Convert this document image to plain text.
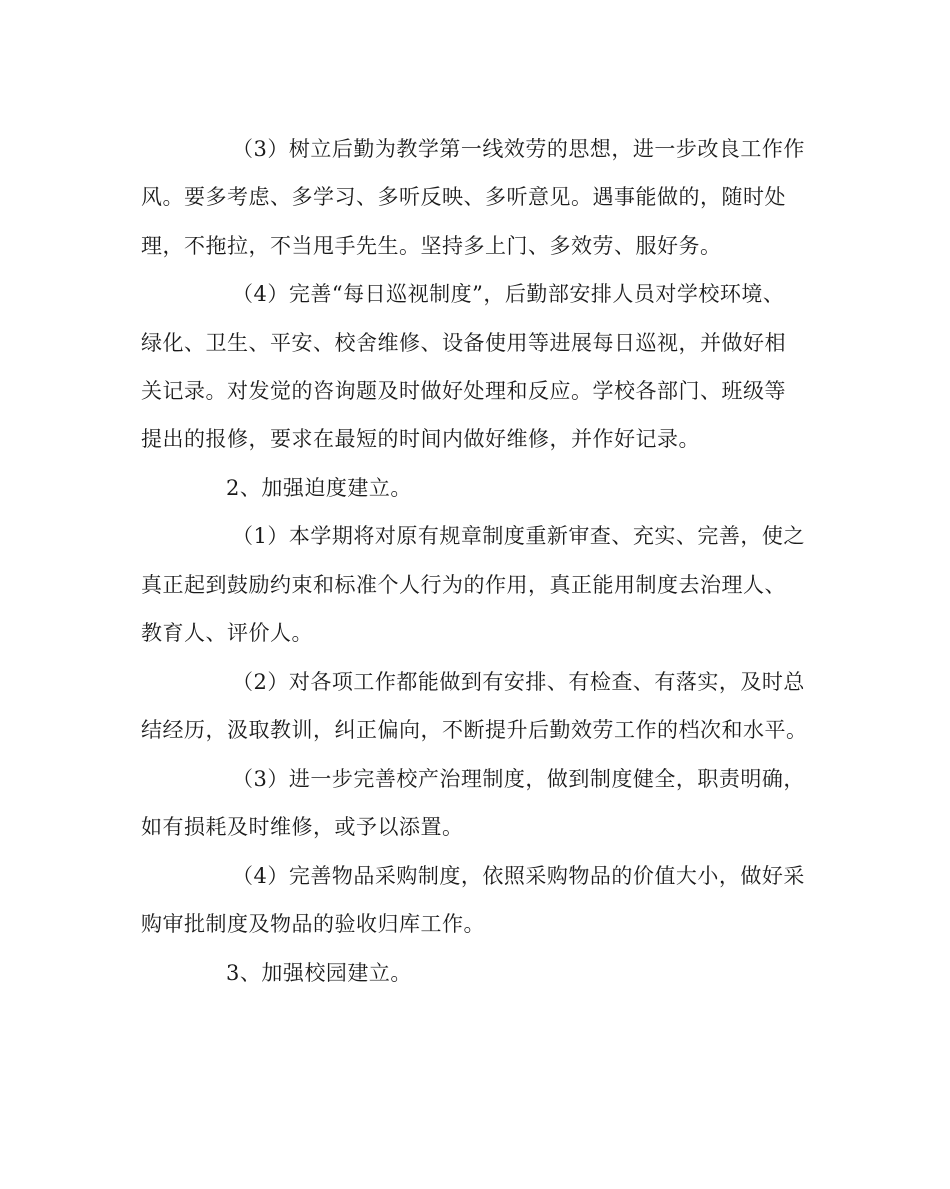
（3）树立后勤为教学第一线效劳的思想，进一步改良工作作
风。要多考虑、多学习、多听反映、多听意见。遇事能做的，随时处
理，不拖拉，不当甩手先生。坚持多上门、多效劳、服好务。
（4）完善“每日巡视制度”，后勤部安排人员对学校环境、
绿化、卫生、平安、校舍维修、设备使用等进展每日巡视，并做好相
关记录。对发觉的咨询题及时做好处理和反应。学校各部门、班级等
提出的报修，要求在最短的时间内做好维修，并作好记录。
2、加强迫度建立。
（1）本学期将对原有规章制度重新审查、充实、完善，使之
真正起到鼓励约束和标准个人行为的作用，真正能用制度去治理人、
教育人、评价人。
（2）对各项工作都能做到有安排、有检查、有落实，及时总
结经历，汲取教训，纠正偏向，不断提升后勤效劳工作的档次和水平。
（3）进一步完善校产治理制度，做到制度健全，职责明确，
如有损耗及时维修，或予以添置。
（4）完善物品采购制度，依照采购物品的价值大小，做好采
购审批制度及物品的验收归库工作。
3、加强校园建立。
